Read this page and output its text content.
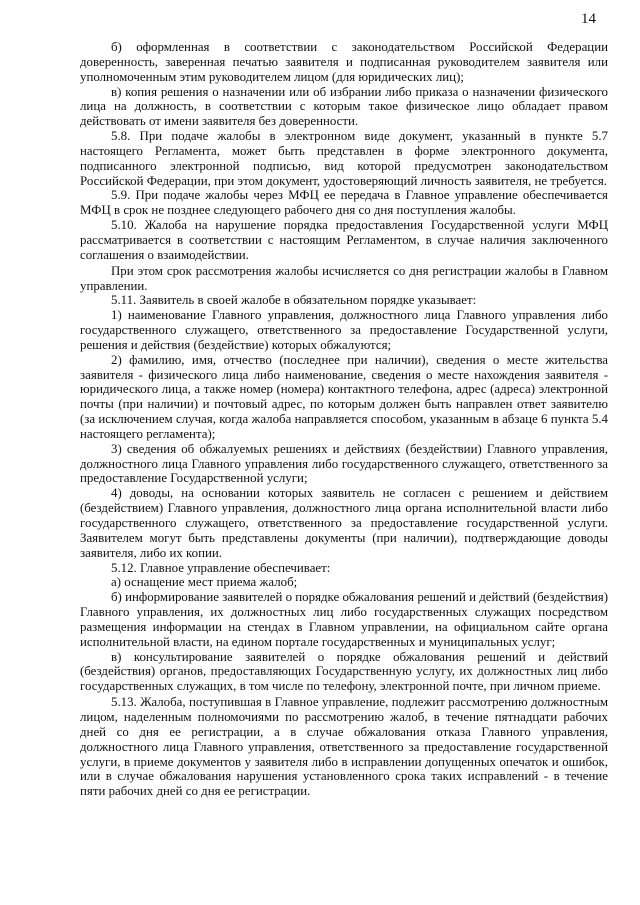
14

б) оформленная в соответствии с законодательством Российской Федерации доверенность, заверенная печатью заявителя и подписанная руководителем заявителя или уполномоченным этим руководителем лицом (для юридических лиц);

в) копия решения о назначении или об избрании либо приказа о назначении физического лица на должность, в соответствии с которым такое физическое лицо обладает правом действовать от имени заявителя без доверенности.

5.8. При подаче жалобы в электронном виде документ, указанный в пункте 5.7 настоящего Регламента, может быть представлен в форме электронного документа, подписанного электронной подписью, вид которой предусмотрен законодательством Российской Федерации, при этом документ, удостоверяющий личность заявителя, не требуется.

5.9. При подаче жалобы через МФЦ ее передача в Главное управление обеспечивается МФЦ в срок не позднее следующего рабочего дня со дня поступления жалобы.

5.10. Жалоба на нарушение порядка предоставления Государственной услуги МФЦ рассматривается в соответствии с настоящим Регламентом, в случае наличия заключенного соглашения о взаимодействии.

При этом срок рассмотрения жалобы исчисляется со дня регистрации жалобы в Главном управлении.

5.11. Заявитель в своей жалобе в обязательном порядке указывает:

1) наименование Главного управления, должностного лица Главного управления либо государственного служащего, ответственного за предоставление Государственной услуги, решения и действия (бездействие) которых обжалуются;

2) фамилию, имя, отчество (последнее при наличии), сведения о месте жительства заявителя - физического лица либо наименование, сведения о месте нахождения заявителя - юридического лица, а также номер (номера) контактного телефона, адрес (адреса) электронной почты (при наличии) и почтовый адрес, по которым должен быть направлен ответ заявителю (за исключением случая, когда жалоба направляется способом, указанным в абзаце 6 пункта 5.4 настоящего регламента);

3) сведения об обжалуемых решениях и действиях (бездействии) Главного управления, должностного лица Главного управления либо государственного служащего, ответственного за предоставление Государственной услуги;

4) доводы, на основании которых заявитель не согласен с решением и действием (бездействием) Главного управления, должностного лица органа исполнительной власти либо государственного служащего, ответственного за предоставление государственной услуги. Заявителем могут быть представлены документы (при наличии), подтверждающие доводы заявителя, либо их копии.

5.12. Главное управление обеспечивает:

а) оснащение мест приема жалоб;

б) информирование заявителей о порядке обжалования решений и действий (бездействия) Главного управления, их должностных лиц либо государственных служащих посредством размещения информации на стендах в Главном управлении, на официальном сайте органа исполнительной власти, на едином портале государственных и муниципальных услуг;

в) консультирование заявителей о порядке обжалования решений и действий (бездействия) органов, предоставляющих Государственную услугу, их должностных лиц либо государственных служащих, в том числе по телефону, электронной почте, при личном приеме.

5.13. Жалоба, поступившая в Главное управление, подлежит рассмотрению должностным лицом, наделенным полномочиями по рассмотрению жалоб, в течение пятнадцати рабочих дней со дня ее регистрации, а в случае обжалования отказа Главного управления, должностного лица Главного управления, ответственного за предоставление государственной услуги, в приеме документов у заявителя либо в исправлении допущенных опечаток и ошибок, или в случае обжалования нарушения установленного срока таких исправлений - в течение пяти рабочих дней со дня ее регистрации.
